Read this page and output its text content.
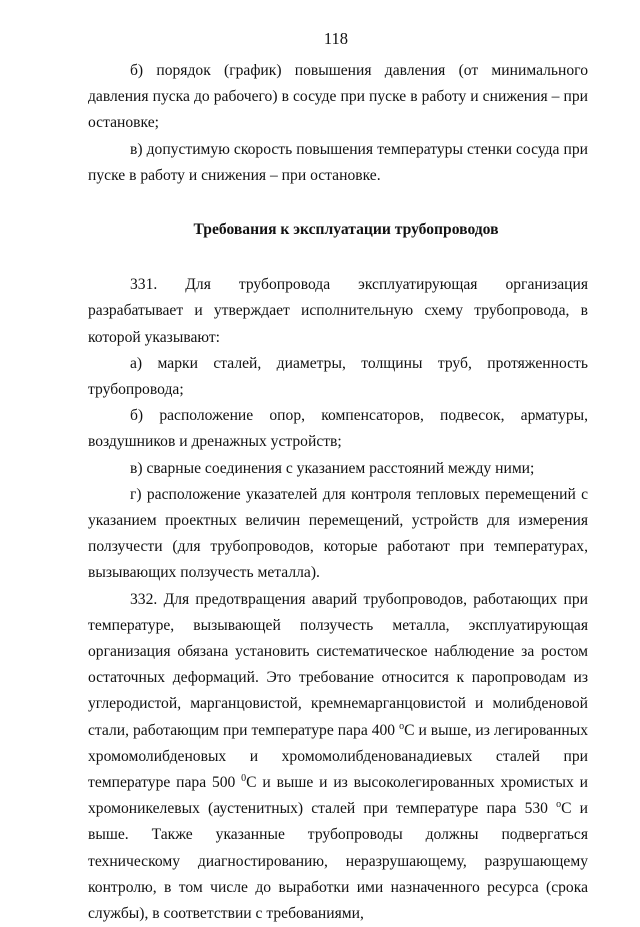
118

б) порядок (график) повышения давления (от минимального давления пуска до рабочего) в сосуде при пуске в работу и снижения – при остановке;

в) допустимую скорость повышения температуры стенки сосуда при пуске в работу и снижения – при остановке.

Требования к эксплуатации трубопроводов

331. Для трубопровода эксплуатирующая организация разрабатывает и утверждает исполнительную схему трубопровода, в которой указывают:

а) марки сталей, диаметры, толщины труб, протяженность трубопровода;

б) расположение опор, компенсаторов, подвесок, арматуры, воздушников и дренажных устройств;

в) сварные соединения с указанием расстояний между ними;

г) расположение указателей для контроля тепловых перемещений с указанием проектных величин перемещений, устройств для измерения ползучести (для трубопроводов, которые работают при температурах, вызывающих ползучесть металла).

332. Для предотвращения аварий трубопроводов, работающих при температуре, вызывающей ползучесть металла, эксплуатирующая организация обязана установить систематическое наблюдение за ростом остаточных деформаций. Это требование относится к паропроводам из углеродистой, марганцовистой, кремнемарганцовистой и молибденовой стали, работающим при температуре пара 400 $^о$С и выше, из легированных хромомолибденовых и хромомолибденованадиевых сталей при температуре пара 500 $^0$С и выше и из высоколегированных хромистых и хромоникелевых (аустенитных) сталей при температуре пара 530 $^о$С и выше. Также указанные трубопроводы должны подвергаться техническому диагностированию, неразрушающему, разрушающему контролю, в том числе до выработки ими назначенного ресурса (срока службы), в соответствии с требованиями,
